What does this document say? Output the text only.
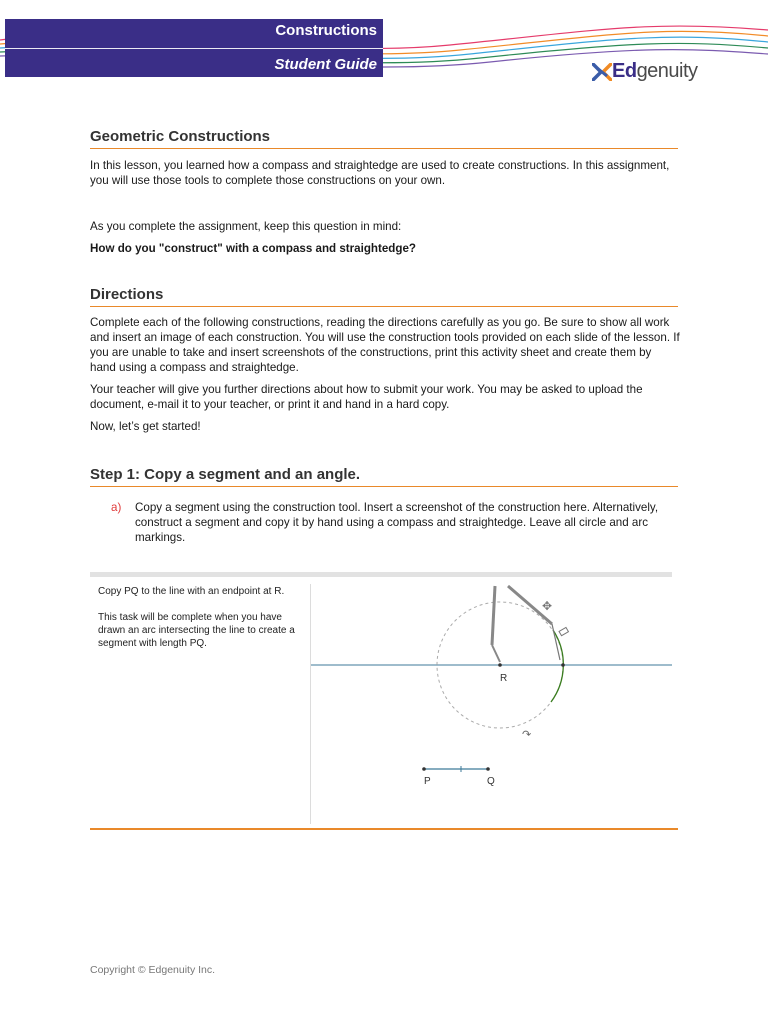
Constructions
Student Guide	Edgenuity
Geometric Constructions

In this lesson, you learned how a compass and straightedge are used to create constructions. In this assignment, you will use those tools to complete those constructions on your own.

As you complete the assignment, keep this question in mind:

How do you "construct" with a compass and straightedge?

Directions

Complete each of the following constructions, reading the directions carefully as you go. Be sure to show all work and insert an image of each construction. You will use the construction tools provided on each slide of the lesson. If you are unable to take and insert screenshots of the constructions, print this activity sheet and create them by hand using a compass and straightedge.

Your teacher will give you further directions about how to submit your work. You may be asked to upload the document, e-mail it to your teacher, or print it and hand in a hard copy.

Now, let’s get started!

Step 1: Copy a segment and an angle.
a) Copy a segment using the construction tool. Insert a screenshot of the construction here. Alternatively, construct a segment and copy it by hand using a compass and straightedge. Leave all circle and arc markings.
Copy PQ to the line with an endpoint at R.
This task will be complete when you have drawn an arc intersecting the line to create a segment with length PQ.
✥
↷
R
P	Q
Copyright © Edgenuity Inc.
